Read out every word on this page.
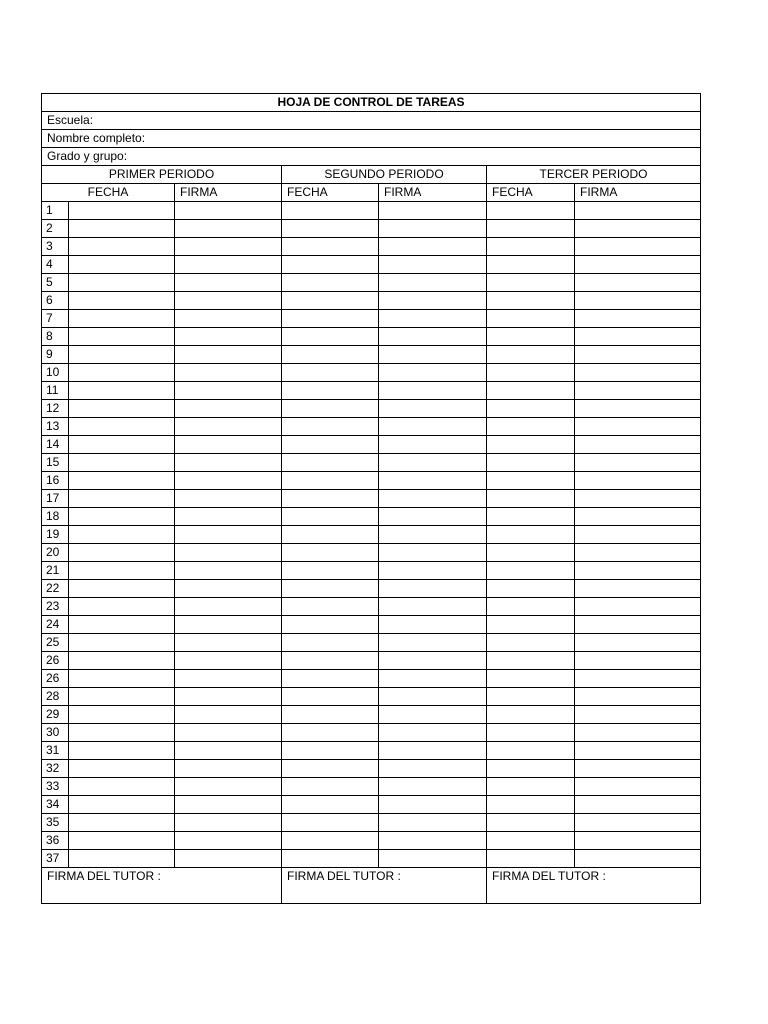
HOJA DE CONTROL DE TAREAS						
Escuela:						
Nombre completo:						
Grado y grupo:						
PRIMER PERIODO			SEGUNDO PERIODO		TERCER PERIODO	
FECHA		FIRMA	FECHA	FIRMA	FECHA	FIRMA
1						
2						
3						
4						
5						
6						
7						
8						
9						
10						
11						
12						
13						
14						
15						
16						
17						
18						
19						
20						
21						
22						
23						
24						
25						
26						
26						
28						
29						
30						
31						
32						
33						
34						
35						
36						
37						
FIRMA DEL TUTOR :			FIRMA DEL TUTOR :		FIRMA DEL TUTOR :	
